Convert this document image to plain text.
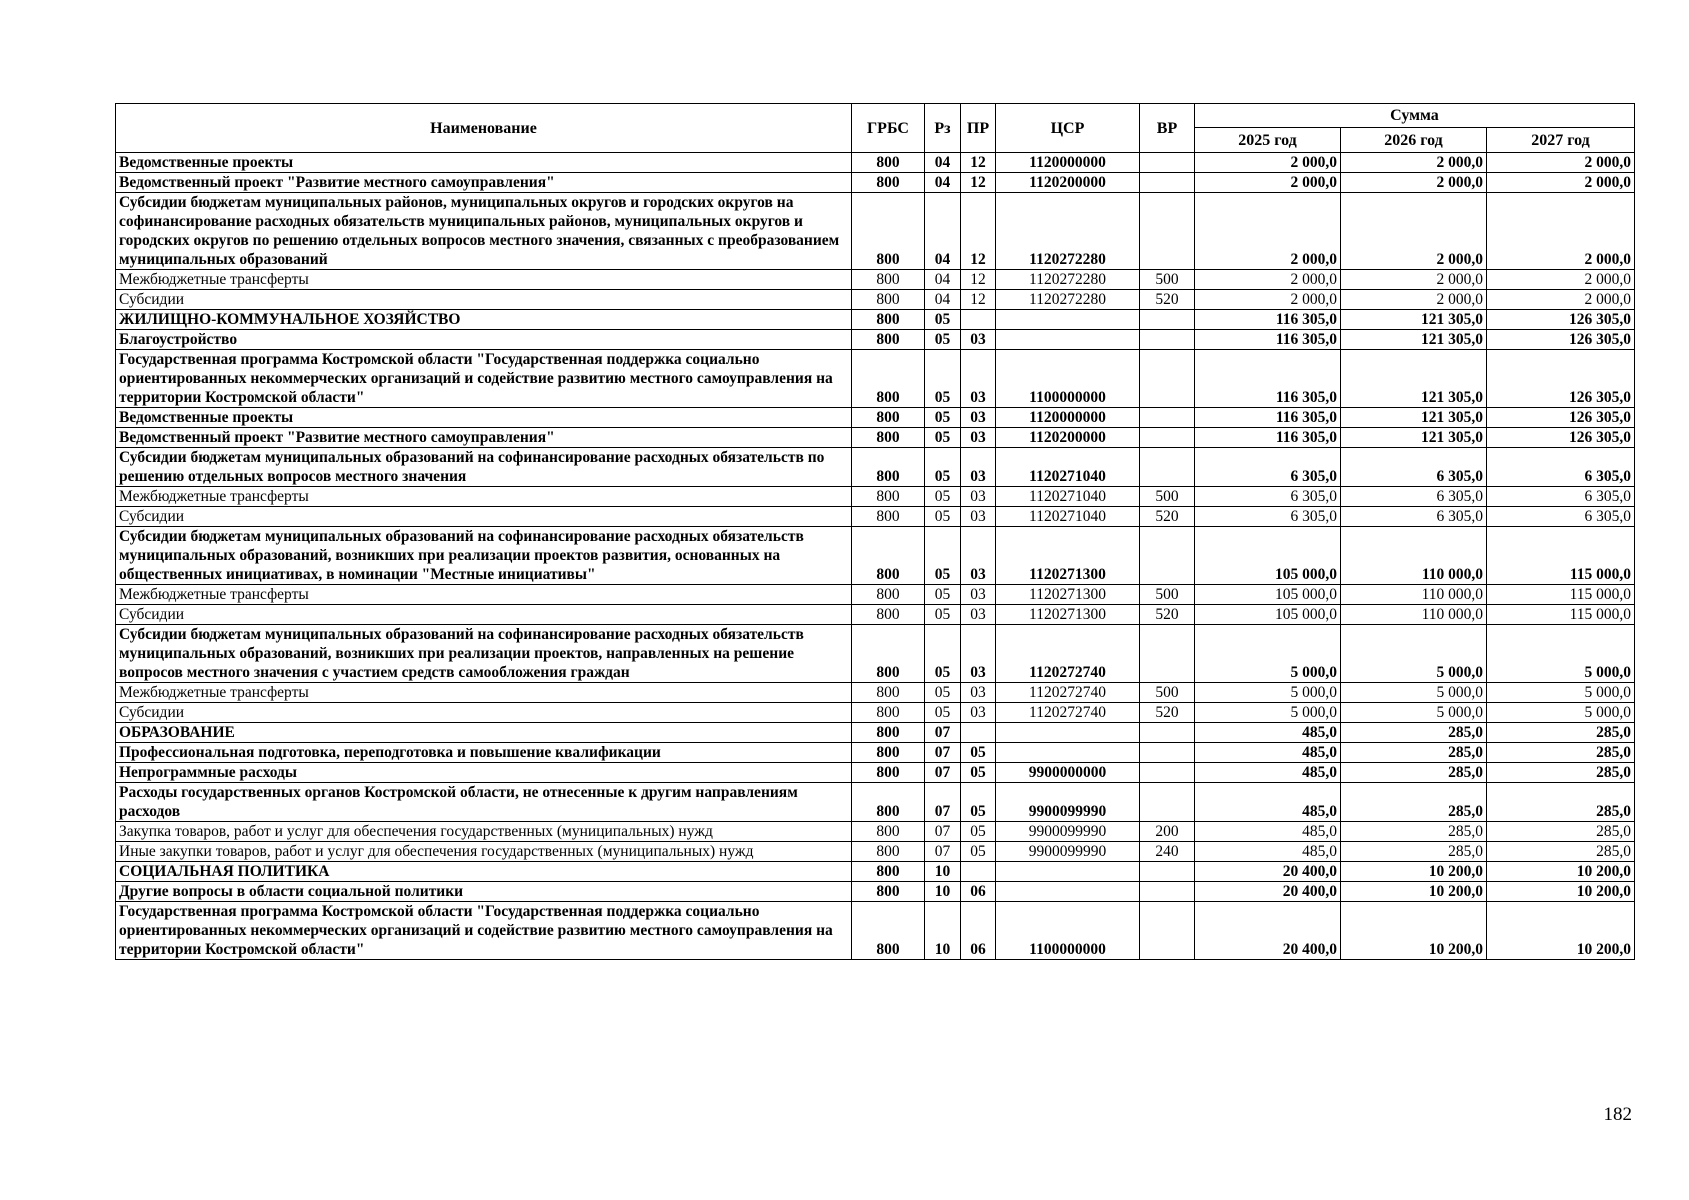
Наименование	ГРБС	Рз	ПР	ЦСР	ВР	Сумма		
						2025 год	2026 год	2027 год
Ведомственные проекты	800	04	12	1120000000		2 000,0	2 000,0	2 000,0
Ведомственный проект "Развитие местного самоуправления"	800	04	12	1120200000		2 000,0	2 000,0	2 000,0
Субсидии бюджетам муниципальных районов, муниципальных округов и городских округов на софинансирование расходных обязательств муниципальных районов, муниципальных округов и городских округов по решению отдельных вопросов местного значения, связанных с преобразованием муниципальных образований	800	04	12	1120272280		2 000,0	2 000,0	2 000,0
Межбюджетные трансферты	800	04	12	1120272280	500	2 000,0	2 000,0	2 000,0
Субсидии	800	04	12	1120272280	520	2 000,0	2 000,0	2 000,0
ЖИЛИЩНО-КОММУНАЛЬНОЕ ХОЗЯЙСТВО	800	05				116 305,0	121 305,0	126 305,0
Благоустройство	800	05	03			116 305,0	121 305,0	126 305,0
Государственная программа Костромской области "Государственная поддержка социально ориентированных некоммерческих организаций и содействие развитию местного самоуправления на территории Костромской области"	800	05	03	1100000000		116 305,0	121 305,0	126 305,0
Ведомственные проекты	800	05	03	1120000000		116 305,0	121 305,0	126 305,0
Ведомственный проект "Развитие местного самоуправления"	800	05	03	1120200000		116 305,0	121 305,0	126 305,0
Субсидии бюджетам муниципальных образований на софинансирование расходных обязательств по решению отдельных вопросов местного значения	800	05	03	1120271040		6 305,0	6 305,0	6 305,0
Межбюджетные трансферты	800	05	03	1120271040	500	6 305,0	6 305,0	6 305,0
Субсидии	800	05	03	1120271040	520	6 305,0	6 305,0	6 305,0
Субсидии бюджетам муниципальных образований на софинансирование расходных обязательств муниципальных образований, возникших при реализации проектов развития, основанных на общественных инициативах, в номинации "Местные инициативы"	800	05	03	1120271300		105 000,0	110 000,0	115 000,0
Межбюджетные трансферты	800	05	03	1120271300	500	105 000,0	110 000,0	115 000,0
Субсидии	800	05	03	1120271300	520	105 000,0	110 000,0	115 000,0
Субсидии бюджетам муниципальных образований на софинансирование расходных обязательств муниципальных образований, возникших при реализации проектов, направленных на решение вопросов местного значения с участием средств самообложения граждан	800	05	03	1120272740		5 000,0	5 000,0	5 000,0
Межбюджетные трансферты	800	05	03	1120272740	500	5 000,0	5 000,0	5 000,0
Субсидии	800	05	03	1120272740	520	5 000,0	5 000,0	5 000,0
ОБРАЗОВАНИЕ	800	07				485,0	285,0	285,0
Профессиональная подготовка, переподготовка и повышение квалификации	800	07	05			485,0	285,0	285,0
Непрограммные расходы	800	07	05	9900000000		485,0	285,0	285,0
Расходы государственных органов Костромской области, не отнесенные к другим направлениям расходов	800	07	05	9900099990		485,0	285,0	285,0
Закупка товаров, работ и услуг для обеспечения государственных (муниципальных) нужд	800	07	05	9900099990	200	485,0	285,0	285,0
Иные закупки товаров, работ и услуг для обеспечения государственных (муниципальных) нужд	800	07	05	9900099990	240	485,0	285,0	285,0
СОЦИАЛЬНАЯ ПОЛИТИКА	800	10				20 400,0	10 200,0	10 200,0
Другие вопросы в области социальной политики	800	10	06			20 400,0	10 200,0	10 200,0
Государственная программа Костромской области "Государственная поддержка социально ориентированных некоммерческих организаций и содействие развитию местного самоуправления на территории Костромской области"	800	10	06	1100000000		20 400,0	10 200,0	10 200,0
182
